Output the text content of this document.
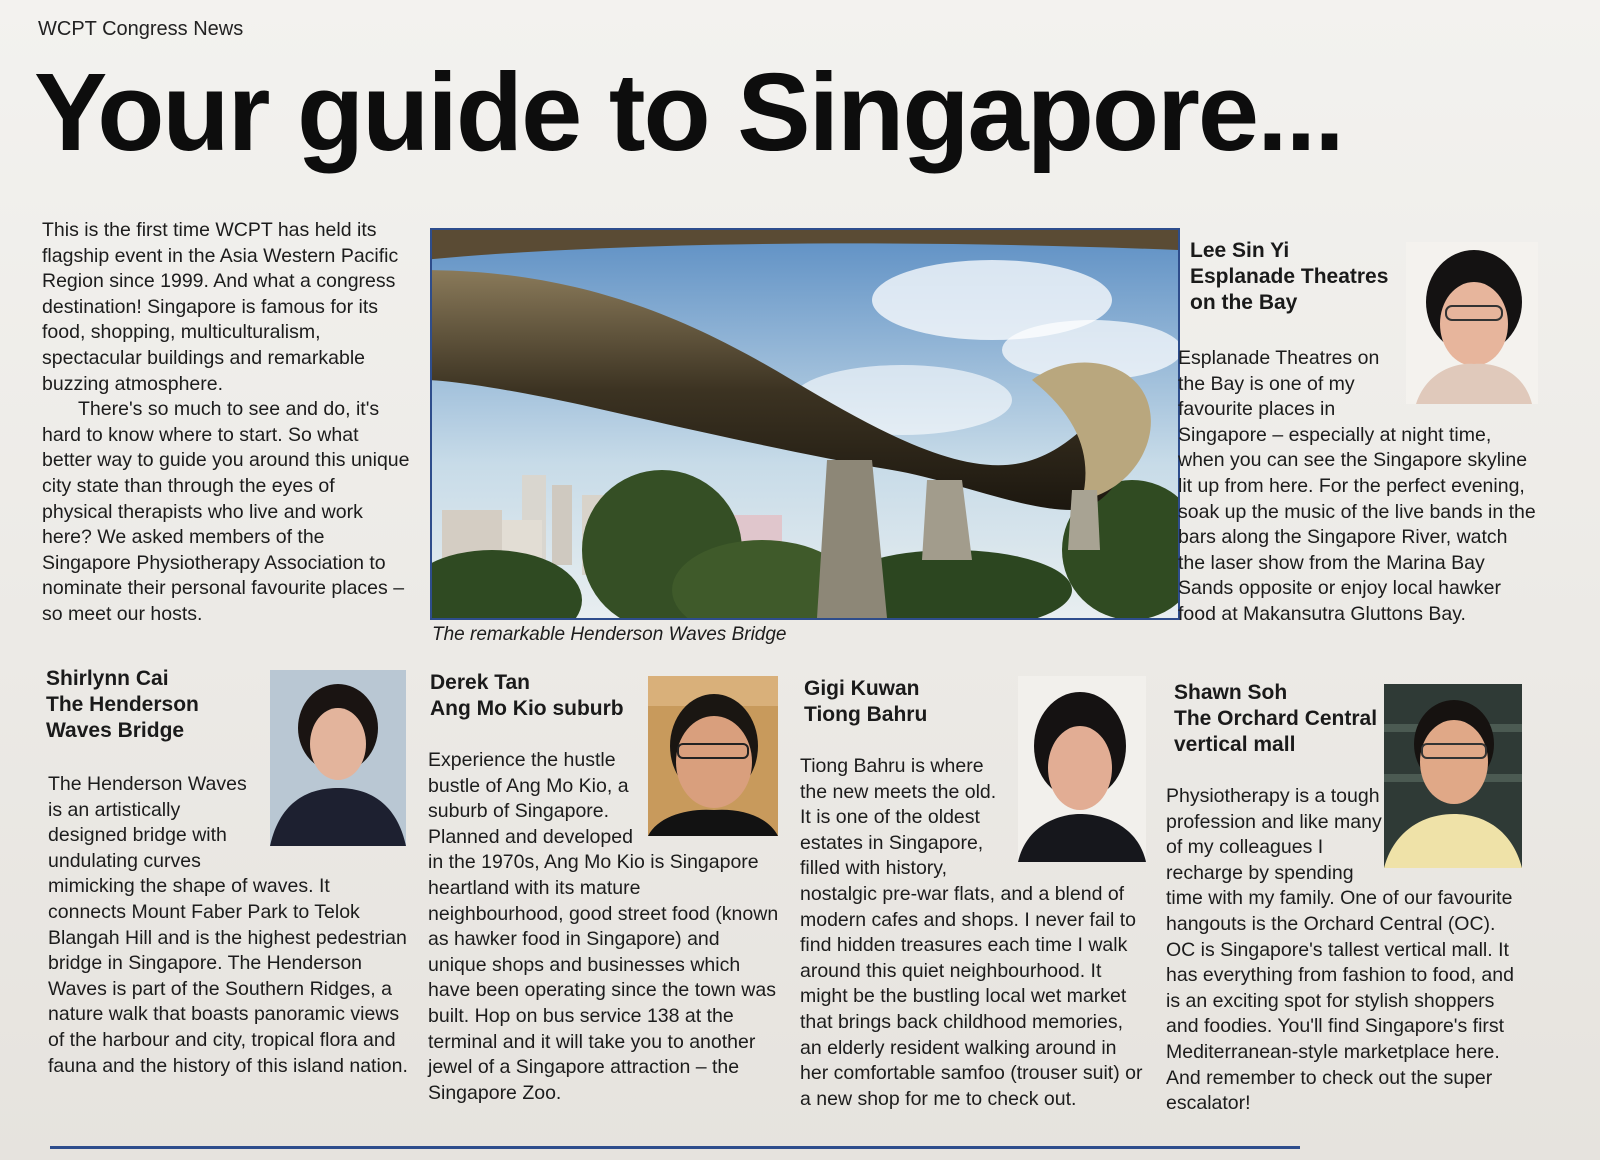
WCPT Congress News
Your guide to Singapore...

This is the first time WCPT has held its flagship event in the Asia Western Pacific Region since 1999. And what a congress destination! Singapore is famous for its food, shopping, multiculturalism, spectacular buildings and remarkable buzzing atmosphere.

There's so much to see and do, it's hard to know where to start. So what better way to guide you around this unique city state than through the eyes of physical therapists who live and work here? We asked members of the Singapore Physiotherapy Association to nominate their personal favourite places – so meet our hosts.

The remarkable Henderson Waves Bridge
Lee Sin Yi
Esplanade Theatres
on the Bay
Esplanade Theatres on the Bay is one of my favourite places in Singapore – especially at night time, when you can see the Singapore skyline lit up from here. For the perfect evening, soak up the music of the live bands in the bars along the Singapore River, watch the laser show from the Marina Bay Sands opposite or enjoy local hawker food at Makansutra Gluttons Bay.
Shirlynn Cai
The Henderson
Waves Bridge
The Henderson Waves is an artistically designed bridge with undulating curves mimicking the shape of waves. It connects Mount Faber Park to Telok Blangah Hill and is the highest pedestrian bridge in Singapore. The Henderson Waves is part of the Southern Ridges, a nature walk that boasts panoramic views of the harbour and city, tropical flora and fauna and the history of this island nation.
Derek Tan
Ang Mo Kio suburb
Experience the hustle bustle of Ang Mo Kio, a suburb of Singapore. Planned and developed in the 1970s, Ang Mo Kio is Singapore heartland with its mature neighbourhood, good street food (known as hawker food in Singapore) and unique shops and businesses which have been operating since the town was built. Hop on bus service 138 at the terminal and it will take you to another jewel of a Singapore attraction – the Singapore Zoo.
Gigi Kuwan
Tiong Bahru
Tiong Bahru is where the new meets the old. It is one of the oldest estates in Singapore, filled with history, nostalgic pre-war flats, and a blend of modern cafes and shops. I never fail to find hidden treasures each time I walk around this quiet neighbourhood. It might be the bustling local wet market that brings back childhood memories, an elderly resident walking around in her comfortable samfoo (trouser suit) or a new shop for me to check out.
Shawn Soh
The Orchard Central
vertical mall
Physiotherapy is a tough profession and like many of my colleagues I recharge by spending time with my family. One of our favourite hangouts is the Orchard Central (OC). OC is Singapore's tallest vertical mall. It has everything from fashion to food, and is an exciting spot for stylish shoppers and foodies. You'll find Singapore's first Mediterranean-style marketplace here. And remember to check out the super escalator!
